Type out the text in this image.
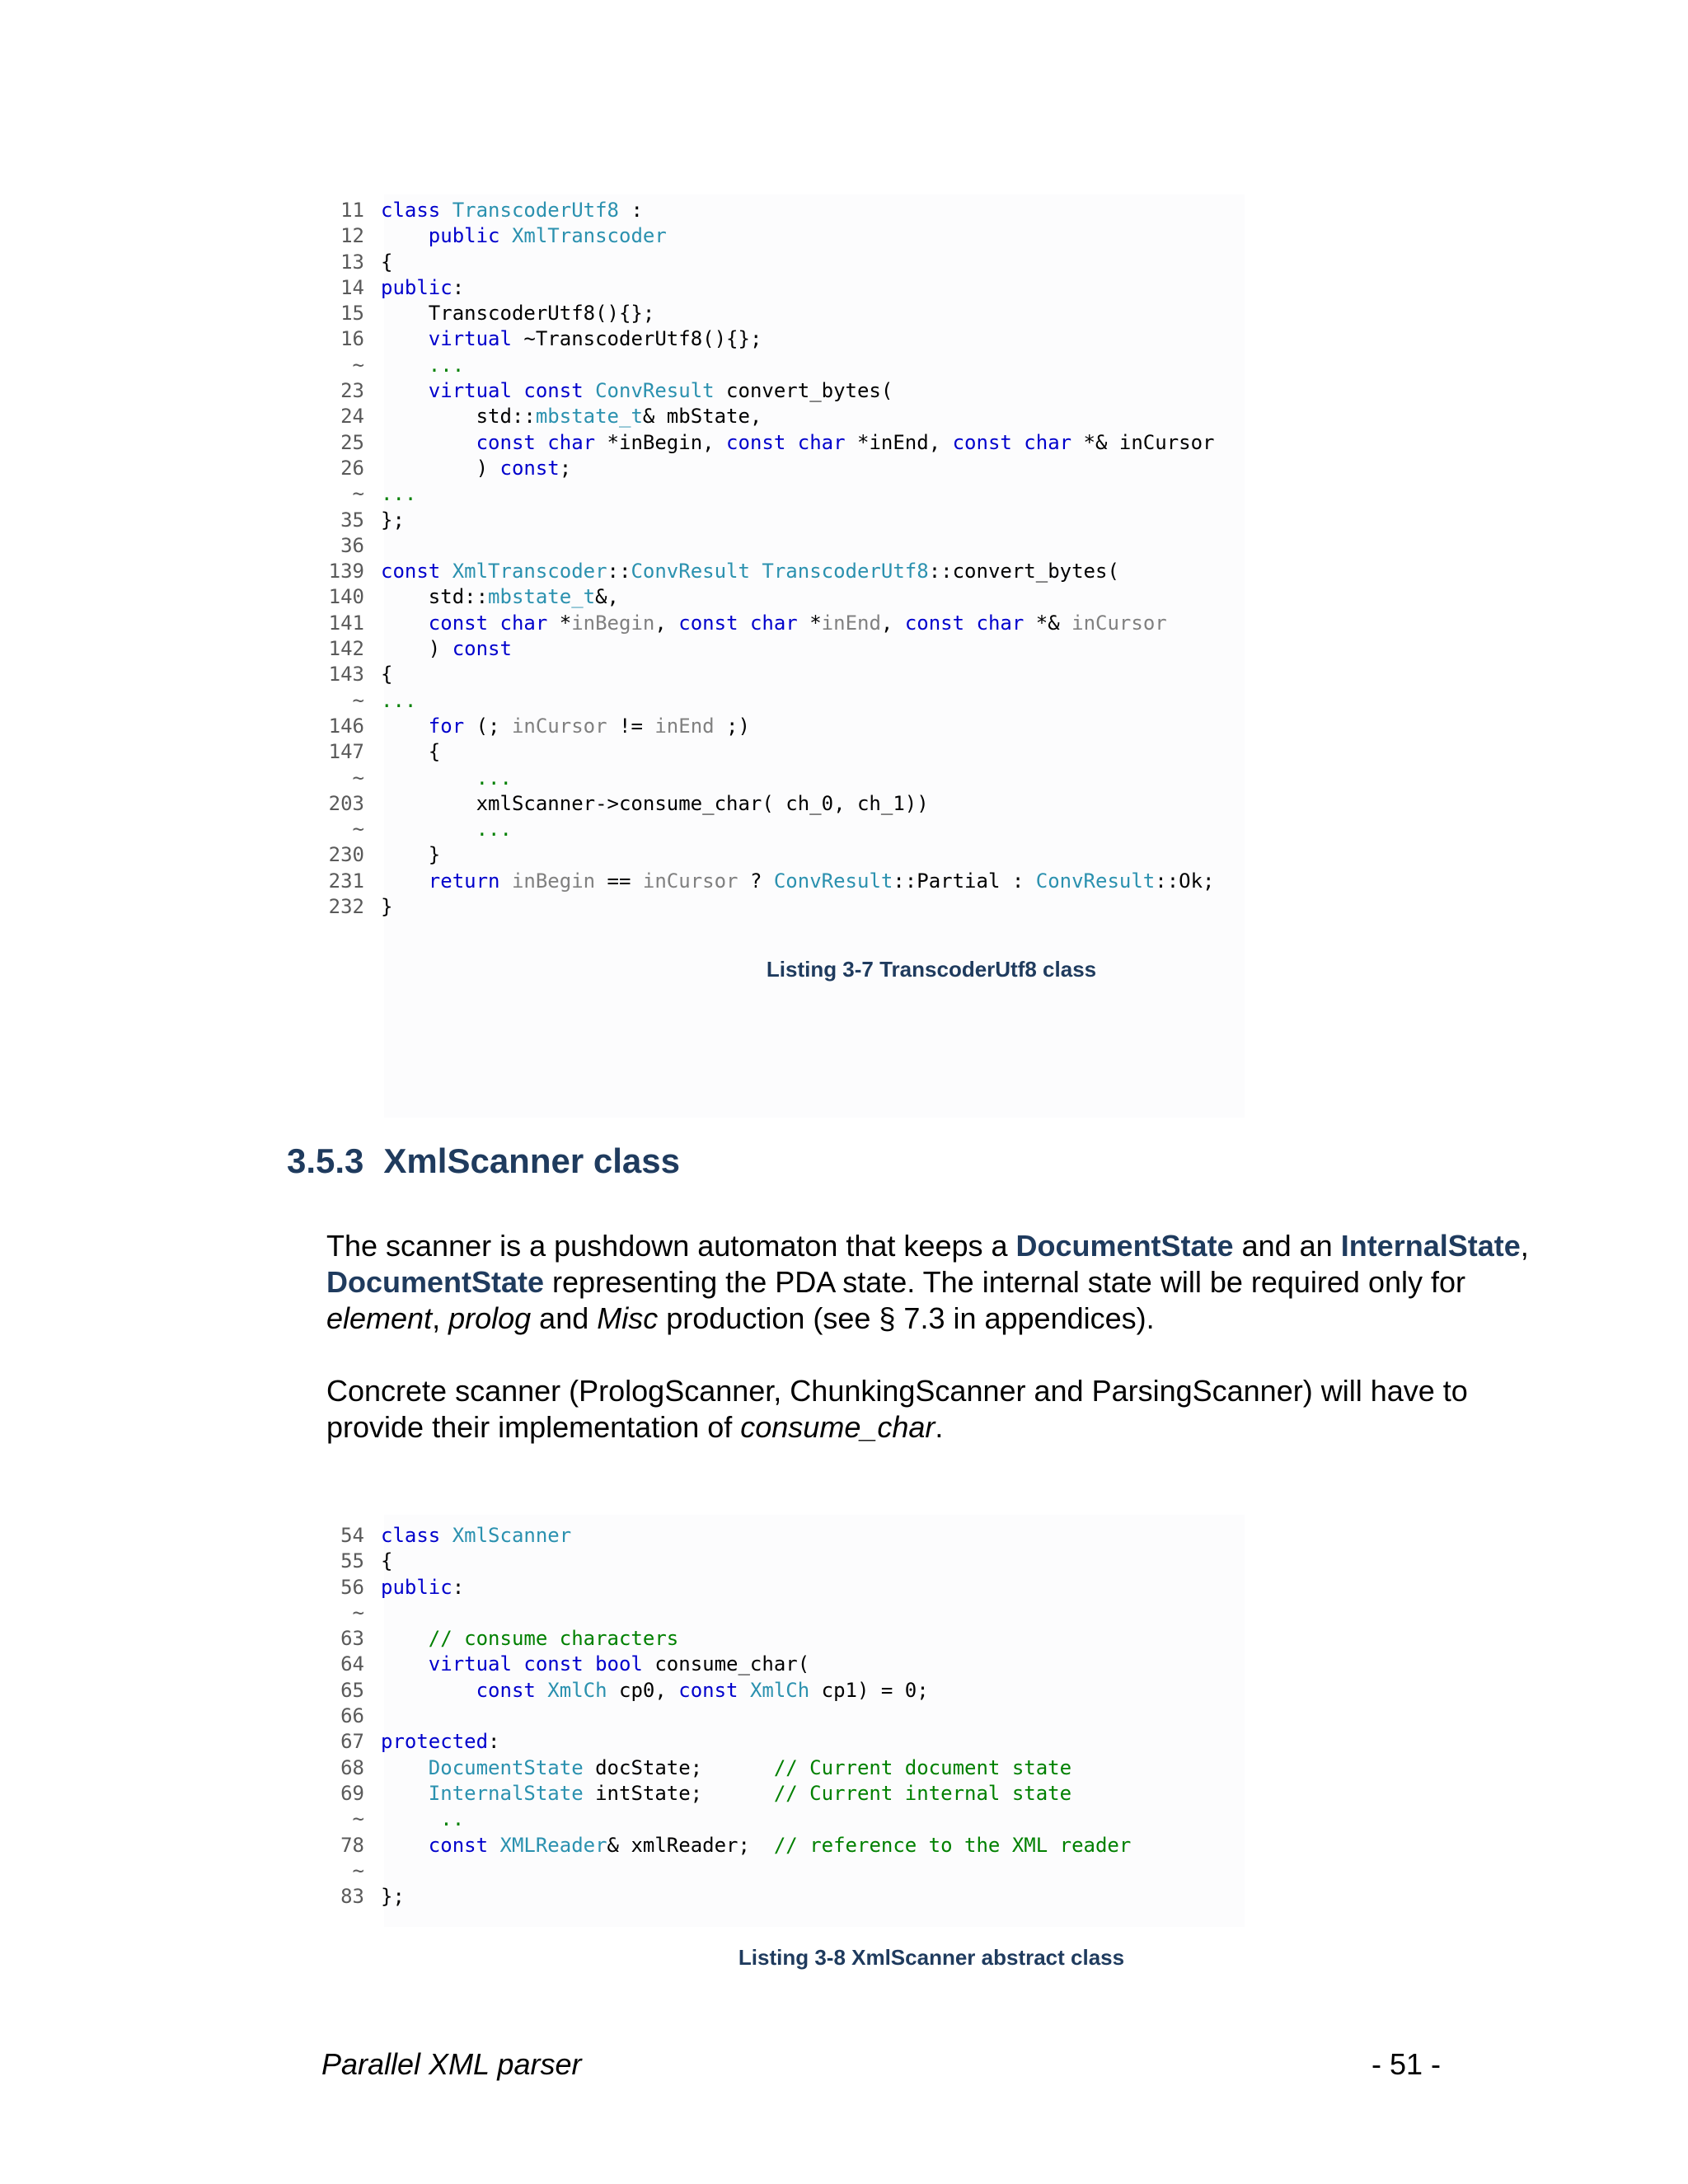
11 class TranscoderUtf8 :
12	public XmlTranscoder
13 {
14 public:
15 TranscoderUtf8(){};
16	virtual ~TranscoderUtf8(){};
~	...
23	virtual const ConvResult convert_bytes(
24 std::mbstate_t& mbState,
25	const char *inBegin, const char *inEnd, const char *& inCursor
26 ) const;
~ ...
35 };
36
139 const XmlTranscoder::ConvResult TranscoderUtf8::convert_bytes(
140 std::mbstate_t&,
141	const char *inBegin, const char *inEnd, const char *& inCursor
142 ) const
143 {
~ ...
146	for (; inCursor != inEnd ;)
147 {
~	...
203 xmlScanner->consume_char( ch_0, ch_1))
~	...
230 }
231	return inBegin == inCursor ? ConvResult::Partial : ConvResult::Ok;
232 }
Listing 3-7 TranscoderUtf8 class
3.5.3 XmlScanner class
The scanner is a pushdown automaton that keeps a DocumentState and an InternalState, DocumentState representing the PDA state. The internal state will be required only for element, prolog and Misc production (see § 7.3 in appendices).
Concrete scanner (PrologScanner, ChunkingScanner and ParsingScanner) will have to provide their implementation of consume_char.
54 class XmlScanner
55 {
56 public:
~
63	// consume characters
64	virtual const bool consume_char(
65	const XmlCh cp0, const XmlCh cp1) = 0;
66
67 protected:
68	DocumentState docState;      // Current document state
69	InternalState intState;      // Current internal state
~	..
78	const XMLReader& xmlReader;  // reference to the XML reader
~
83 };
Listing 3-8 XmlScanner abstract class
Parallel XML parser	- 51 -
